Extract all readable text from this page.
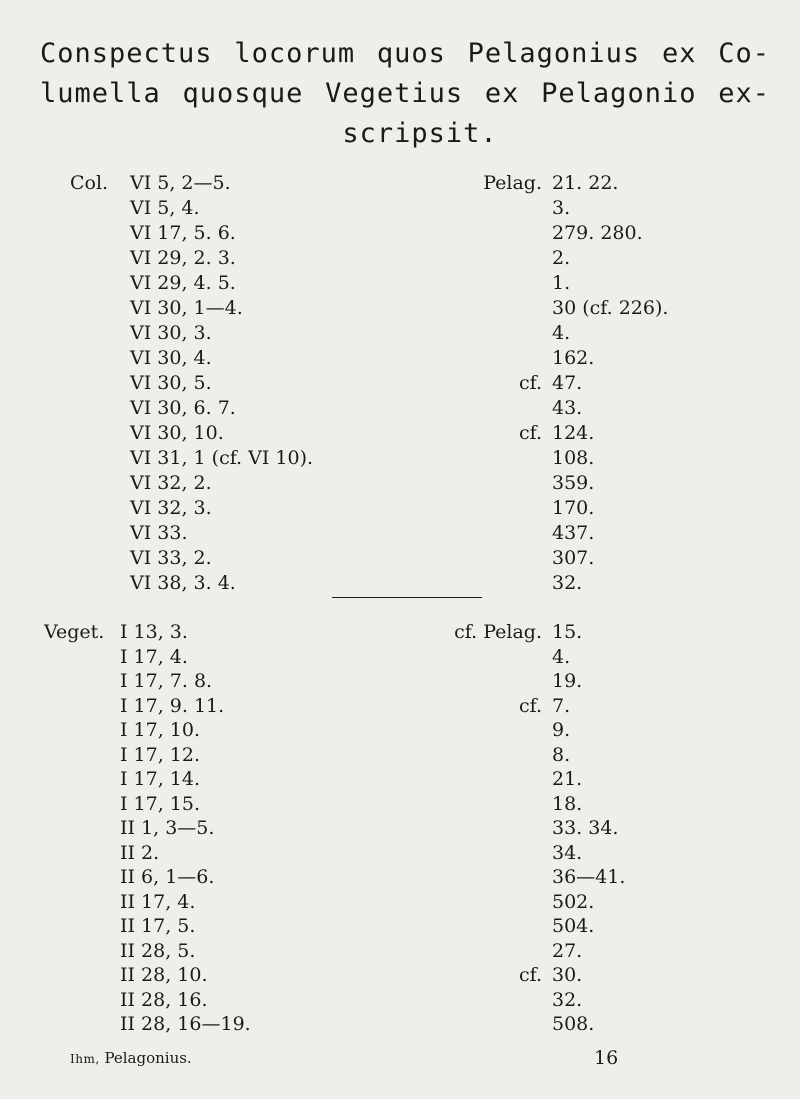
Conspectus locorum quos Pelagonius ex Co-
lumella quosque Vegetius ex Pelagonio ex-
scripsit.
Col. VI 5, 2—5.	Pelag. 21. 22.
VI 5, 4.	3.
VI 17, 5. 6.	279. 280.
VI 29, 2. 3.	2.
VI 29, 4. 5.	1.
VI 30, 1—4.	30 (cf. 226).
VI 30, 3.	4.
VI 30, 4.	162.
VI 30, 5.	cf. 47.
VI 30, 6. 7.	43.
VI 30, 10.	cf. 124.
VI 31, 1 (cf. VI 10).	108.
VI 32, 2.	359.
VI 32, 3.	170.
VI 33.	437.
VI 33, 2.	307.
VI 38, 3. 4.	32.
Veget. I 13, 3.	cf. Pelag. 15.
I 17, 4.	4.
I 17, 7. 8.	19.
I 17, 9. 11.	cf. 7.
I 17, 10.	9.
I 17, 12.	8.
I 17, 14.	21.
I 17, 15.	18.
II 1, 3—5.	33. 34.
II 2.	34.
II 6, 1—6.	36—41.
II 17, 4.	502.
II 17, 5.	504.
II 28, 5.	27.
II 28, 10.	cf. 30.
II 28, 16.	32.
II 28, 16—19.	508.
Ihm, Pelagonius.	16
